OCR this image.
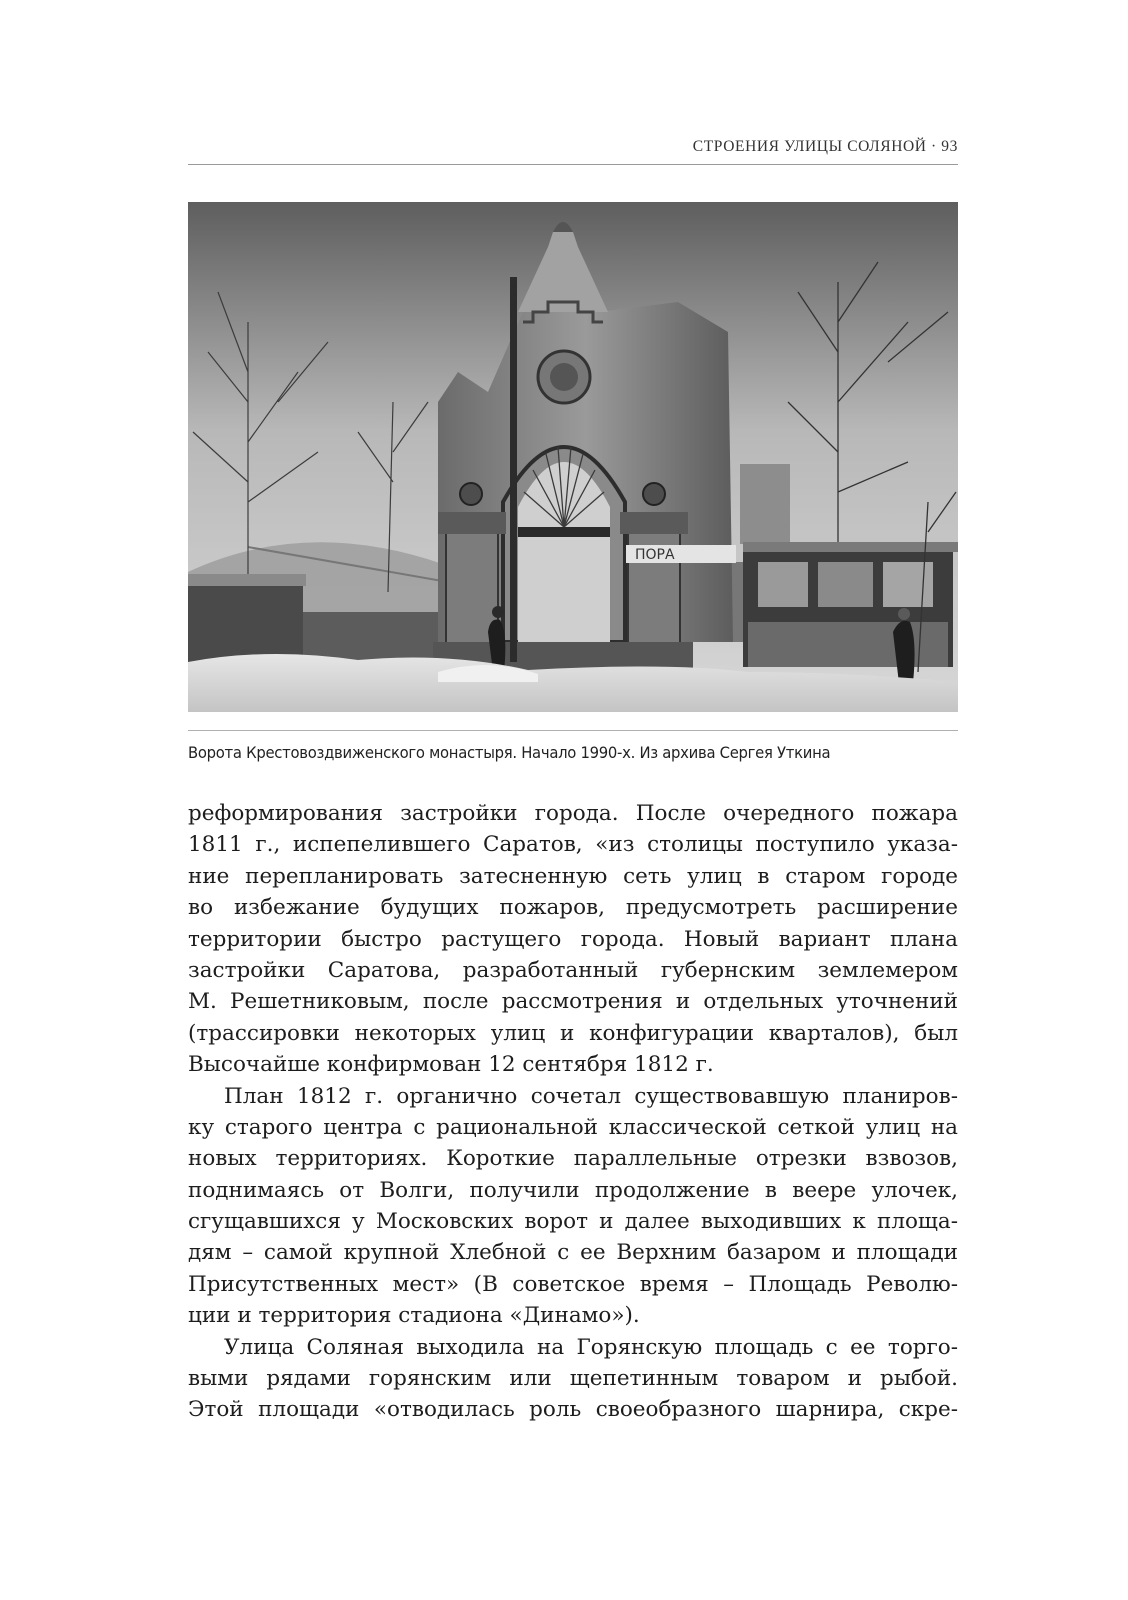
СТРОЕНИЯ УЛИЦЫ СОЛЯНОЙ · 93
ПОРА
Ворота Крестовоздвиженского монастыря. Начало 1990-х. Из архива Сергея Уткина
реформирования застройки города. После очередного пожара
1811 г., испепелившего Саратов, «из столицы поступило указа-
ние перепланировать затесненную сеть улиц в старом городе
во избежание будущих пожаров, предусмотреть расширение
территории быстро растущего города. Новый вариант плана
застройки Саратова, разработанный губернским землемером
М. Решетниковым, после рассмотрения и отдельных уточнений
(трассировки некоторых улиц и конфигурации кварталов), был
Высочайше конфирмован 12 сентября 1812 г.
План 1812 г. органично сочетал существовавшую планиров-
ку старого центра с рациональной классической сеткой улиц на
новых территориях. Короткие параллельные отрезки взвозов,
поднимаясь от Волги, получили продолжение в веере улочек,
сгущавшихся у Московских ворот и далее выходивших к площа-
дям – самой крупной Хлебной с ее Верхним базаром и площади
Присутственных мест» (В советское время – Площадь Револю-
ции и территория стадиона «Динамо»).
Улица Соляная выходила на Горянскую площадь с ее торго-
выми рядами горянским или щепетинным товаром и рыбой.
Этой площади «отводилась роль своеобразного шарнира, скре-
